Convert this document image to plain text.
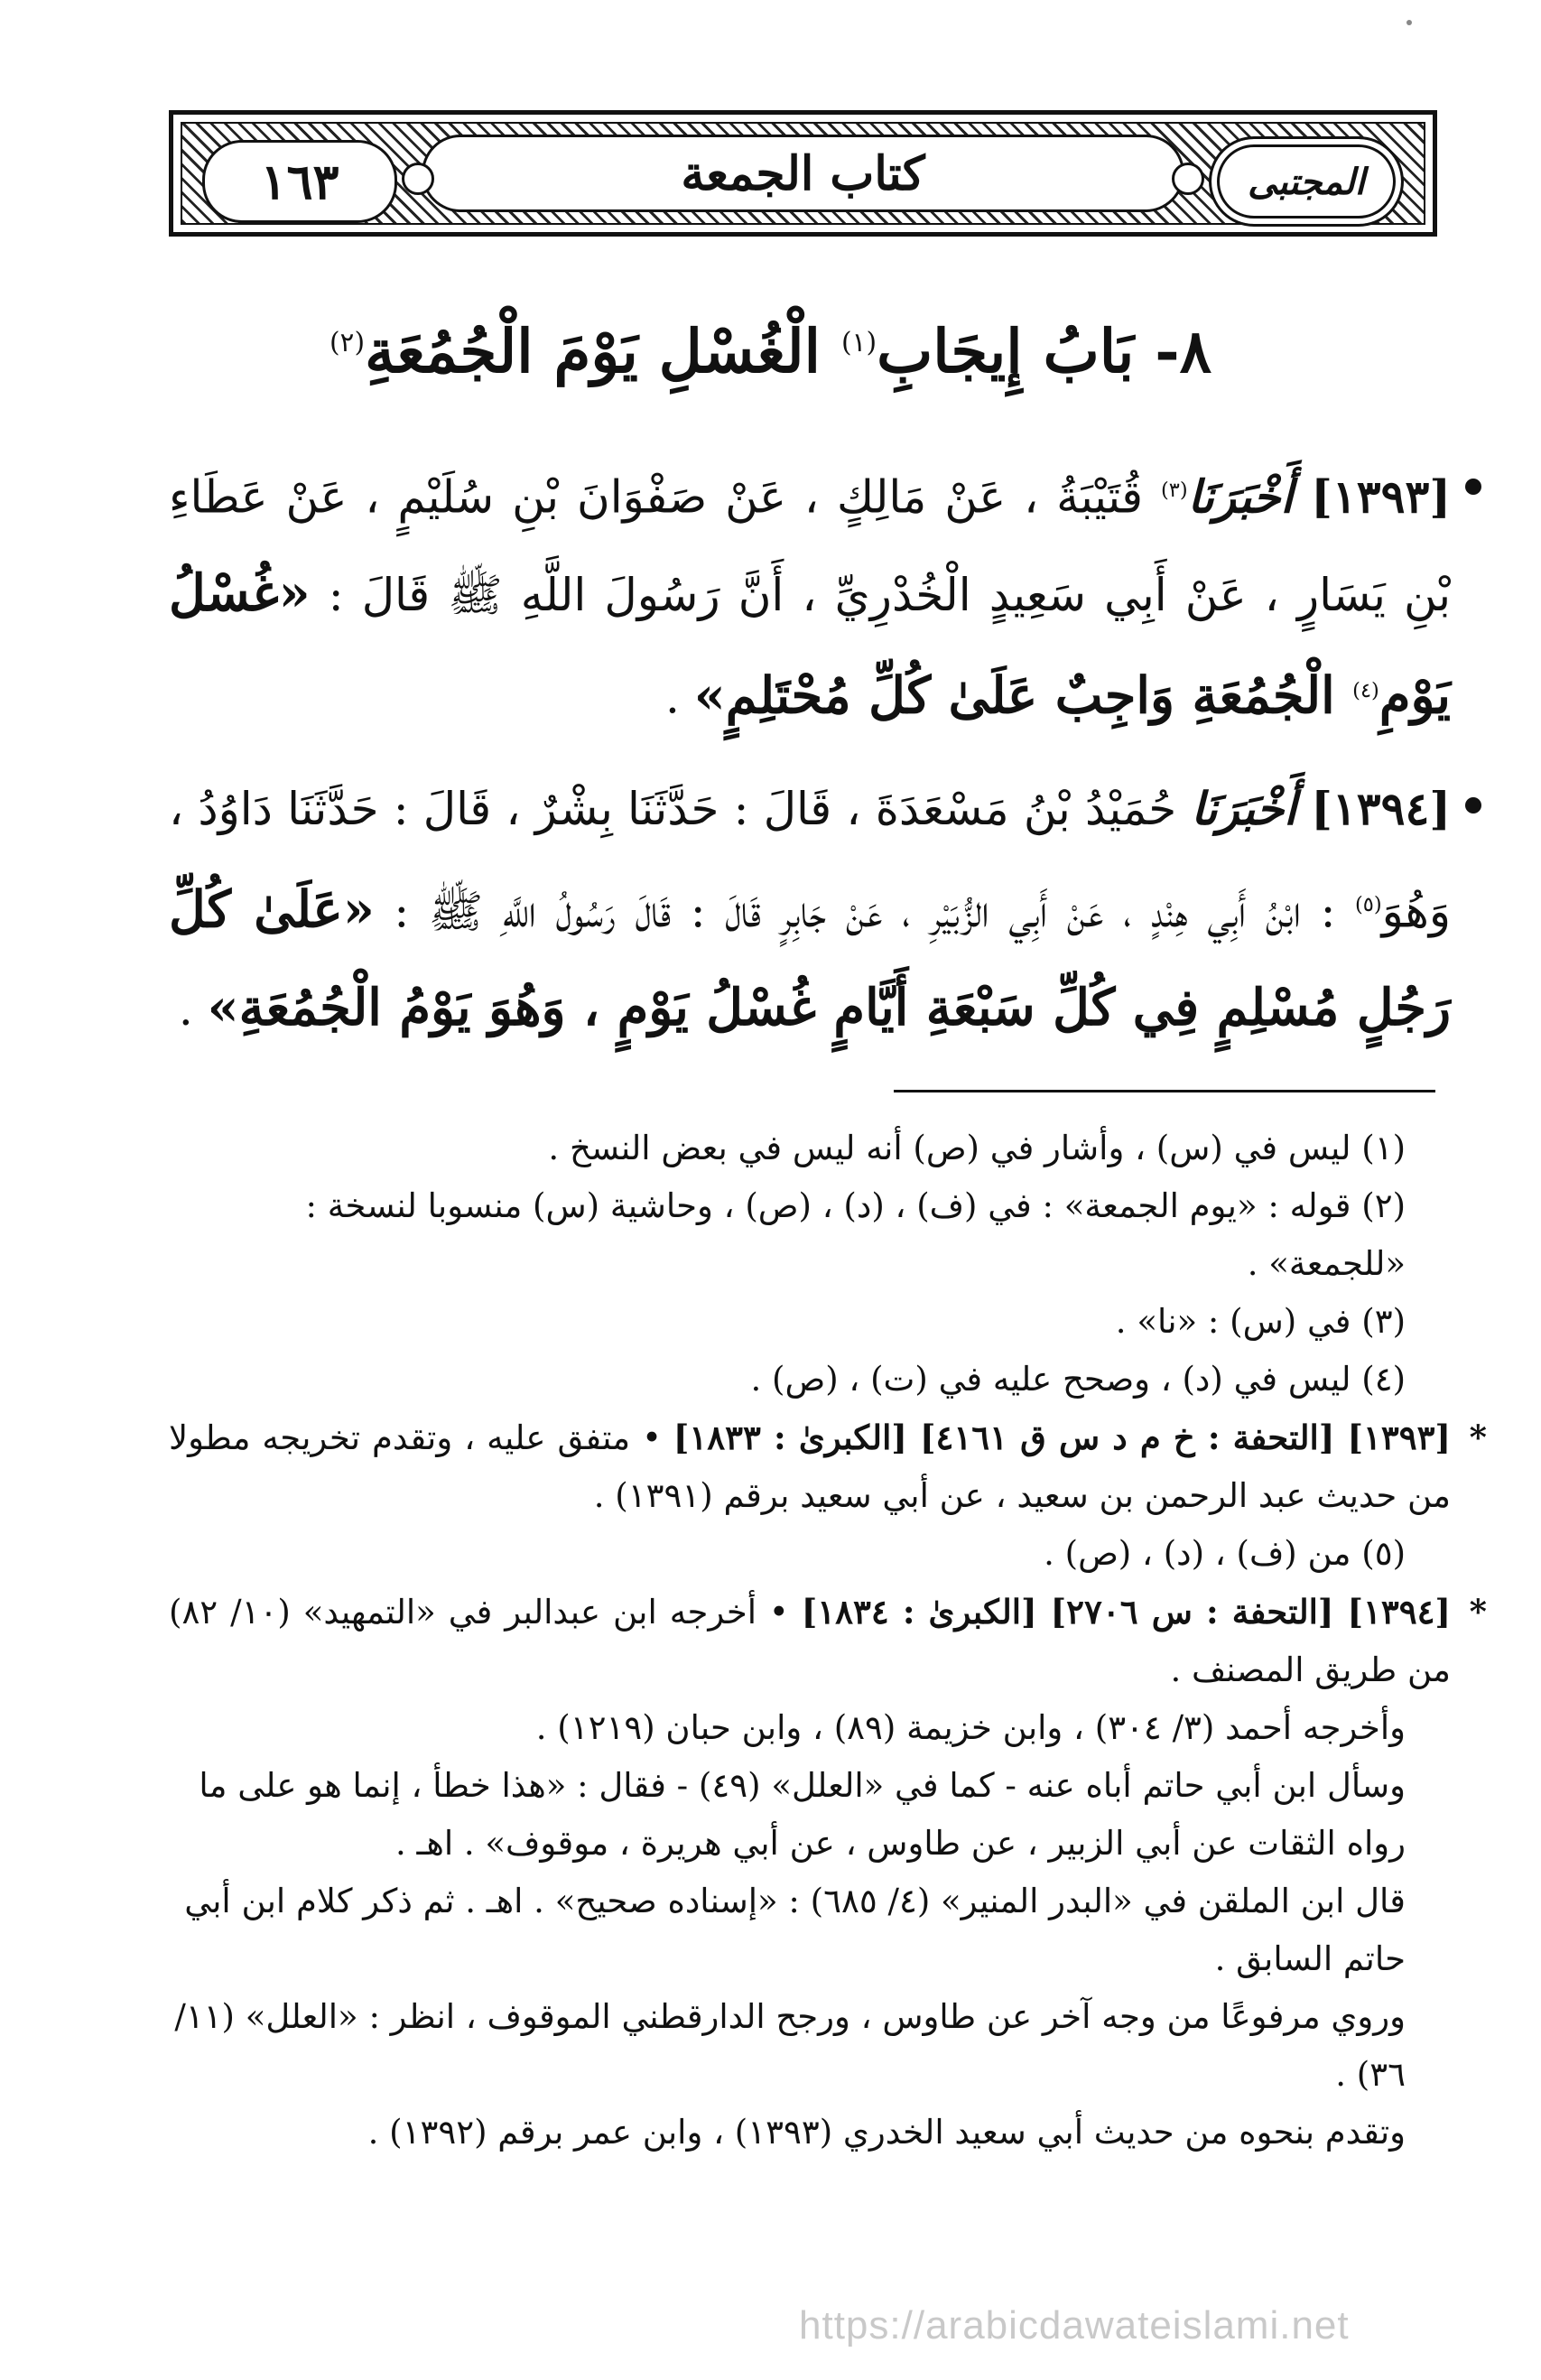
١٦٣	كتاب الجمعة	المجتبى
٨- بَابُ إِيجَابِ$^{(١)}$ الْغُسْلِ يَوْمَ الْجُمُعَةِ$^{(٢)}$
[١٣٩٣] أَخْبَرَنَا$^{(٣)}$ قُتَيْبَةُ ، عَنْ مَالِكٍ ، عَنْ صَفْوَانَ بْنِ سُلَيْمٍ ، عَنْ عَطَاءِ بْنِ يَسَارٍ ، عَنْ أَبِي سَعِيدٍ الْخُدْرِيِّ ، أَنَّ رَسُولَ اللَّهِ ﷺ قَالَ : «غُسْلُ يَوْمِ$^{(٤)}$ الْجُمُعَةِ وَاجِبٌ عَلَىٰ كُلِّ مُحْتَلِمٍ» .
[١٣٩٤] أَخْبَرَنَا حُمَيْدُ بْنُ مَسْعَدَةَ ، قَالَ : حَدَّثَنَا بِشْرٌ ، قَالَ : حَدَّثَنَا دَاوُدُ ، وَهُوَ$^{(٥)}$ : ابْنُ أَبِي هِنْدٍ ، عَنْ أَبِي الزُّبَيْرِ ، عَنْ جَابِرٍ قَالَ : قَالَ رَسُولُ اللَّهِ ﷺ : «عَلَىٰ كُلِّ رَجُلٍ مُسْلِمٍ فِي كُلِّ سَبْعَةِ أَيَّامٍ غُسْلُ يَوْمٍ ، وَهُوَ يَوْمُ الْجُمُعَةِ» .
(١) ليس في (س) ، وأشار في (ص) أنه ليس في بعض النسخ .
(٢) قوله : «يوم الجمعة» : في (ف) ، (د) ، (ص) ، وحاشية (س) منسوبا لنسخة : «للجمعة» .
(٣) في (س) : «نا» .
(٤) ليس في (د) ، وصحح عليه في (ت) ، (ص) .
*
[١٣٩٣] [التحفة : خ م د س ق ٤١٦١] [الكبرىٰ : ١٨٣٣] • متفق عليه ، وتقدم تخريجه مطولا من حديث عبد الرحمن بن سعيد ، عن أبي سعيد برقم (١٣٩١) .
(٥) من (ف) ، (د) ، (ص) .
*
[١٣٩٤] [التحفة : س ٢٧٠٦] [الكبرىٰ : ١٨٣٤] • أخرجه ابن عبدالبر في «التمهيد» (١٠/ ٨٢) من طريق المصنف .
وأخرجه أحمد (٣/ ٣٠٤) ، وابن خزيمة (٨٩) ، وابن حبان (١٢١٩) .
وسأل ابن أبي حاتم أباه عنه - كما في «العلل» (٤٩) - فقال : «هذا خطأ ، إنما هو على ما رواه الثقات عن أبي الزبير ، عن طاوس ، عن أبي هريرة ، موقوف» . اهـ .
قال ابن الملقن في «البدر المنير» (٤/ ٦٨٥) : «إسناده صحيح» . اهـ . ثم ذكر كلام ابن أبي حاتم السابق .
وروي مرفوعًا من وجه آخر عن طاوس ، ورجح الدارقطني الموقوف ، انظر : «العلل» (١١/ ٣٦) .
وتقدم بنحوه من حديث أبي سعيد الخدري (١٣٩٣) ، وابن عمر برقم (١٣٩٢) .
https://arabicdawateislami.net
